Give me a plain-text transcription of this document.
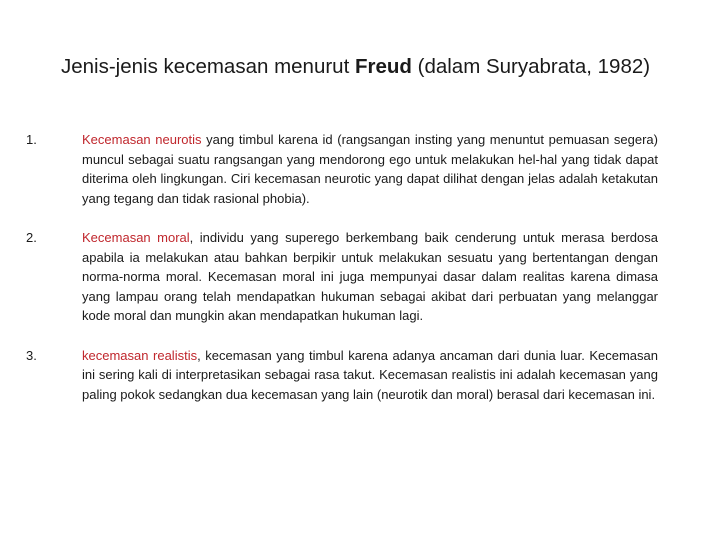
Jenis-jenis kecemasan menurut Freud (dalam Suryabrata, 1982)
1.	Kecemasan neurotis yang timbul karena id (rangsangan insting yang menuntut pemuasan segera) muncul sebagai suatu rangsangan yang mendorong ego untuk melakukan hel-hal yang tidak dapat diterima oleh lingkungan. Ciri kecemasan neurotic yang dapat dilihat dengan jelas adalah ketakutan yang tegang dan tidak rasional phobia).
2.	Kecemasan moral, individu yang superego berkembang baik cenderung untuk merasa berdosa apabila ia melakukan atau bahkan berpikir untuk melakukan sesuatu yang bertentangan dengan norma-norma moral. Kecemasan moral ini juga mempunyai dasar dalam realitas karena dimasa yang lampau orang telah mendapatkan hukuman sebagai akibat dari perbuatan yang melanggar kode moral dan mungkin akan mendapatkan hukuman lagi.
3.	kecemasan realistis, kecemasan yang timbul karena adanya ancaman dari dunia luar. Kecemasan ini sering kali di interpretasikan sebagai rasa takut. Kecemasan realistis ini adalah kecemasan yang paling pokok sedangkan dua kecemasan yang lain (neurotik dan moral) berasal dari kecemasan ini.
